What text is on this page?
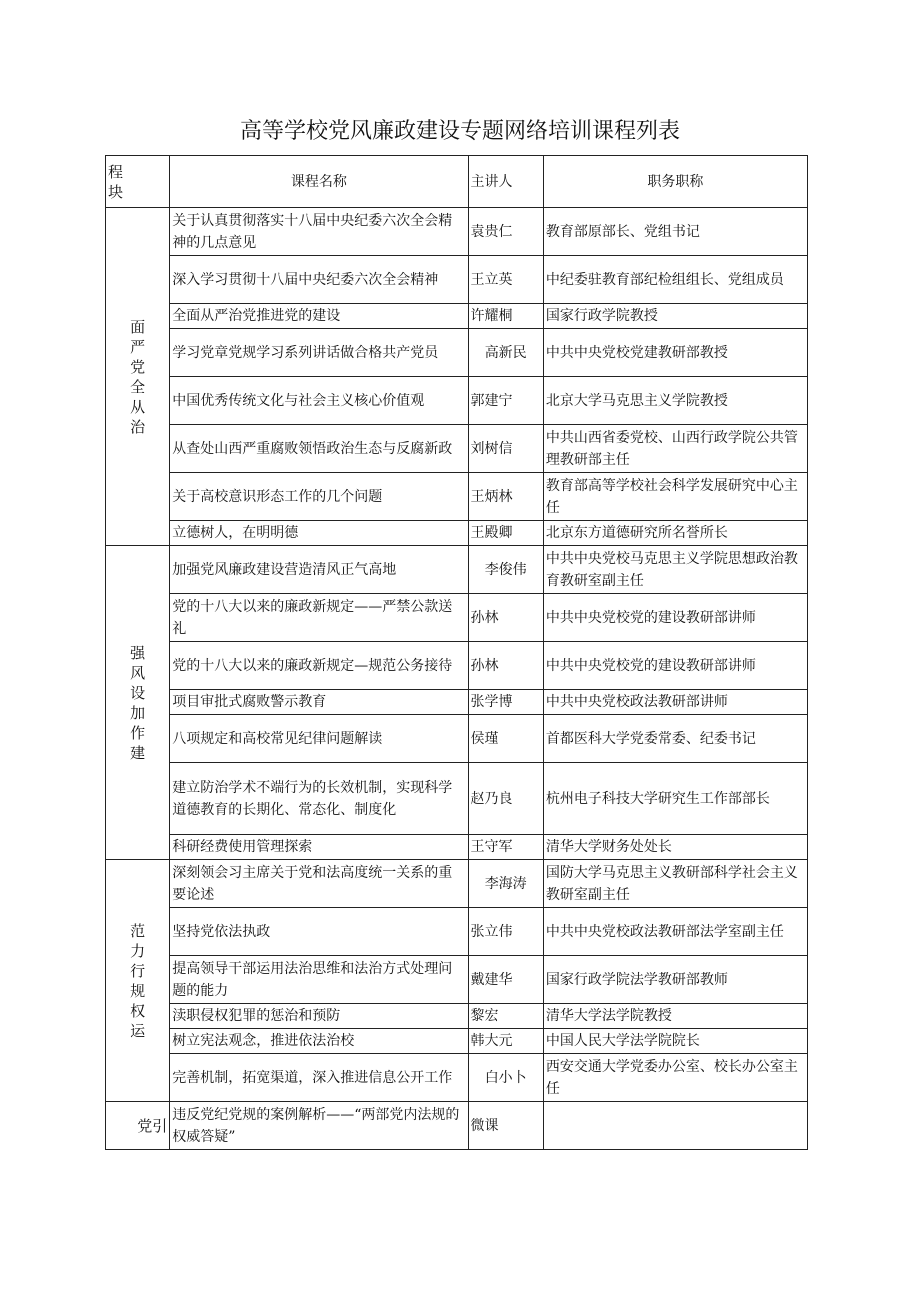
高等学校党风廉政建设专题网络培训课程列表
程块	课程名称	主讲人	职务职称

面严党全从治	关于认真贯彻落实十八届中央纪委六次全会精神的几点意见	袁贵仁	教育部原部长、党组书记
	深入学习贯彻十八届中央纪委六次全会精神	王立英	中纪委驻教育部纪检组组长、党组成员
	全面从严治党推进党的建设	许耀桐	国家行政学院教授
	学习党章党规学习系列讲话做合格共产党员	高新民	中共中央党校党建教研部教授
	中国优秀传统文化与社会主义核心价值观	郭建宁	北京大学马克思主义学院教授
	从查处山西严重腐败领悟政治生态与反腐新政	刘树信	中共山西省委党校、山西行政学院公共管理教研部主任
	关于高校意识形态工作的几个问题	王炳林	教育部高等学校社会科学发展研究中心主任
	立德树人，在明明德	王殿卿	北京东方道德研究所名誉所长

强风设加作建	加强党风廉政建设营造清风正气高地	李俊伟	中共中央党校马克思主义学院思想政治教育教研室副主任
	党的十八大以来的廉政新规定——严禁公款送礼	孙林	中共中央党校党的建设教研部讲师
	党的十八大以来的廉政新规定—规范公务接待	孙林	中共中央党校党的建设教研部讲师
	项目审批式腐败警示教育	张学博	中共中央党校政法教研部讲师
	八项规定和高校常见纪律问题解读	侯瑾	首都医科大学党委常委、纪委书记
	建立防治学术不端行为的长效机制，实现科学道德教育的长期化、常态化、制度化	赵乃良	杭州电子科技大学研究生工作部部长
	科研经费使用管理探索	王守军	清华大学财务处处长

范力行规权运	深刻领会习主席关于党和法高度统一关系的重要论述	李海涛	国防大学马克思主义教研部科学社会主义教研室副主任
	坚持党依法执政	张立伟	中共中央党校政法教研部法学室副主任
	提高领导干部运用法治思维和法治方式处理问题的能力	戴建华	国家行政学院法学教研部教师
	渎职侵权犯罪的惩治和预防	黎宏	清华大学法学院教授
	树立宪法观念，推进依法治校	韩大元	中国人民大学法学院院长
	完善机制，拓宽渠道，深入推进信息公开工作	白小卜	西安交通大学党委办公室、校长办公室主任

党引	违反党纪党规的案例解析——“两部党内法规的权威答疑”	微课	
